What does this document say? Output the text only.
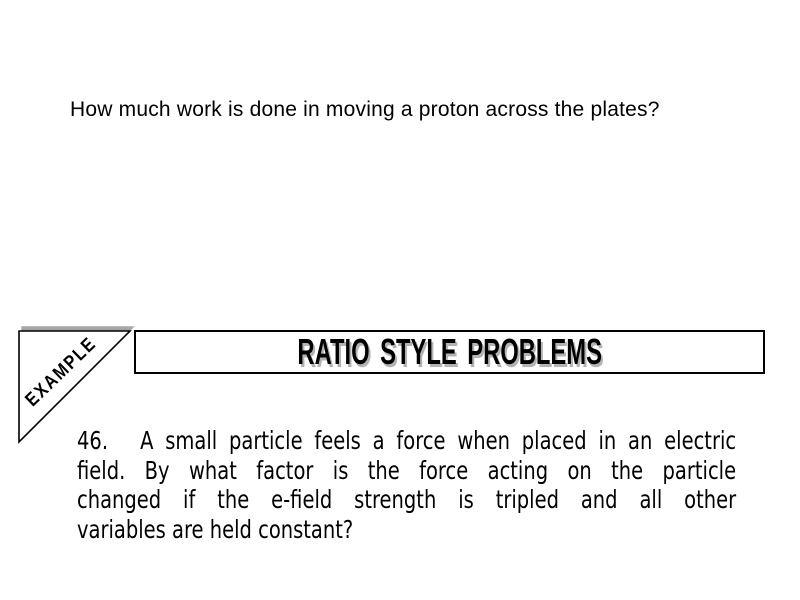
How much work is done in moving a proton across the plates?
EXAMPLE	RATIO STYLE PROBLEMS
46. A small particle feels a force when placed in an electric
field. By what factor is the force acting on the particle
changed if the e-field strength is tripled and all other
variables are held constant?
